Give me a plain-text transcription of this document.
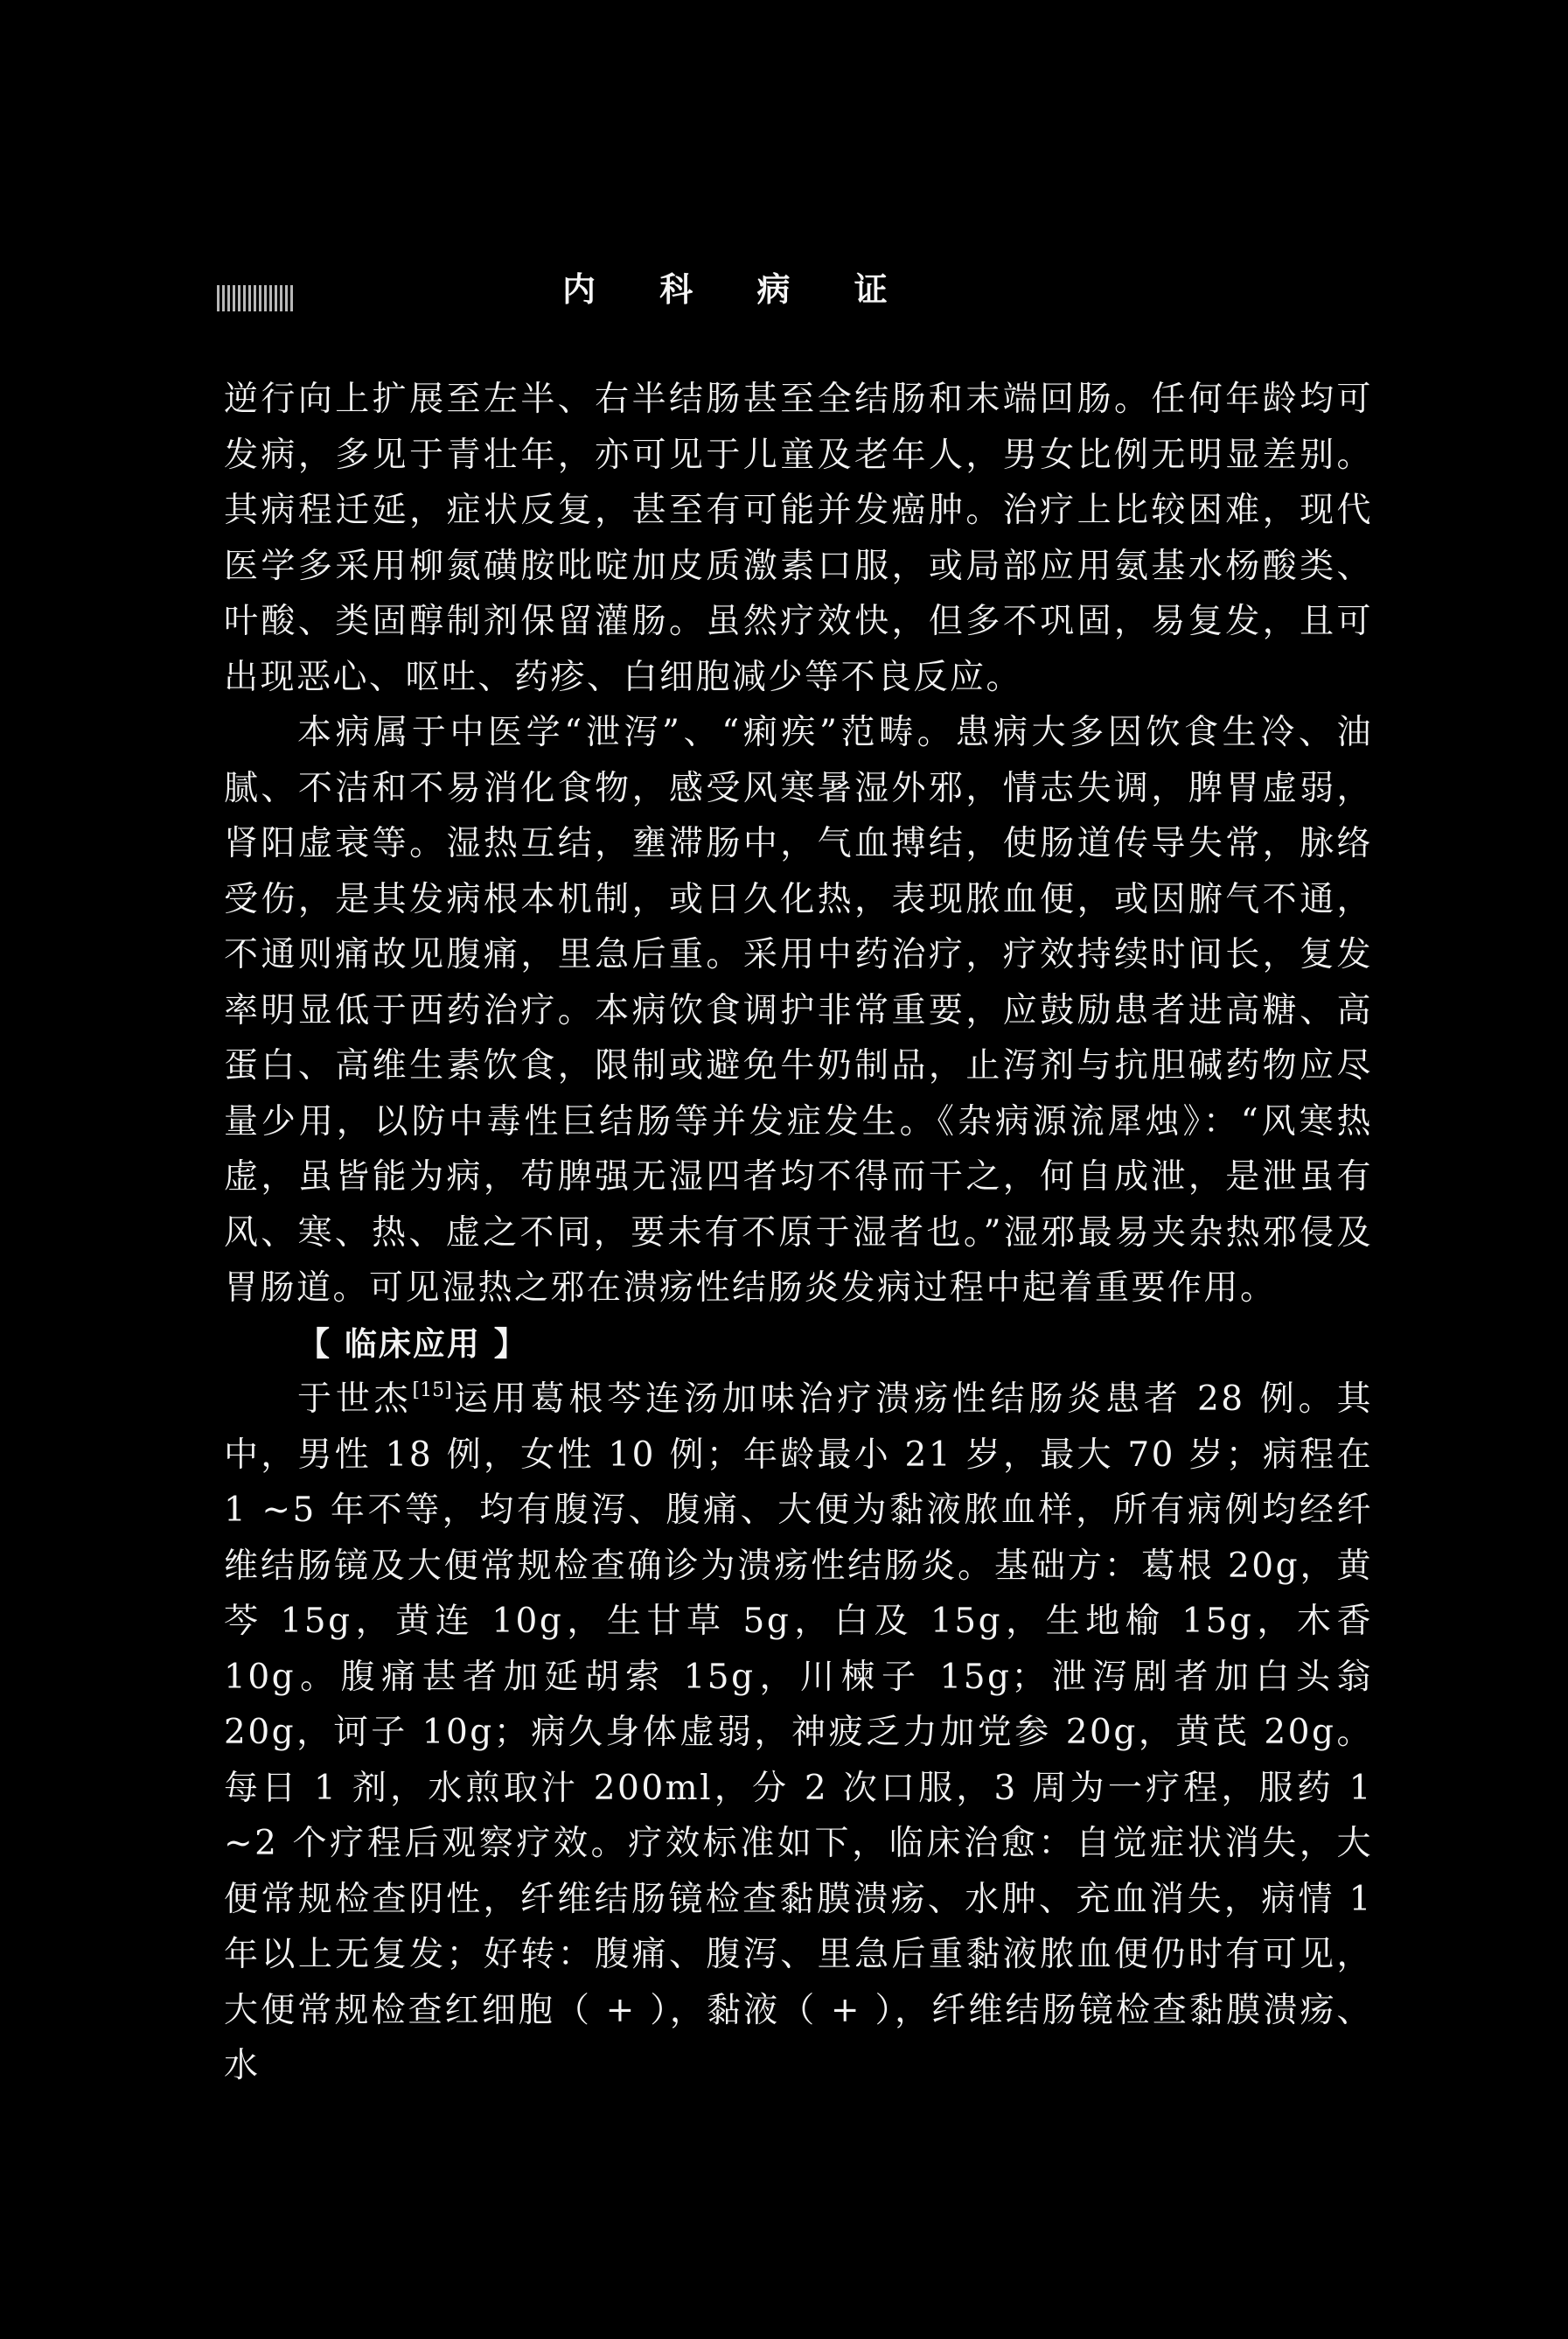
内 科 病 证

逆行向上扩展至左半、右半结肠甚至全结肠和末端回肠。任何年龄均可发病，多见于青壮年，亦可见于儿童及老年人，男女比例无明显差别。其病程迁延，症状反复，甚至有可能并发癌肿。治疗上比较困难，现代医学多采用柳氮磺胺吡啶加皮质激素口服，或局部应用氨基水杨酸类、叶酸、类固醇制剂保留灌肠。虽然疗效快，但多不巩固，易复发，且可出现恶心、呕吐、药疹、白细胞减少等不良反应。

本病属于中医学“泄泻”、“痢疾”范畴。患病大多因饮食生冷、油腻、不洁和不易消化食物，感受风寒暑湿外邪，情志失调，脾胃虚弱，肾阳虚衰等。湿热互结，壅滞肠中，气血搏结，使肠道传导失常，脉络受伤，是其发病根本机制，或日久化热，表现脓血便，或因腑气不通，不通则痛故见腹痛，里急后重。采用中药治疗，疗效持续时间长，复发率明显低于西药治疗。本病饮食调护非常重要，应鼓励患者进高糖、高蛋白、高维生素饮食，限制或避免牛奶制品，止泻剂与抗胆碱药物应尽量少用，以防中毒性巨结肠等并发症发生。《杂病源流犀烛》：“风寒热虚，虽皆能为病，苟脾强无湿四者均不得而干之，何自成泄，是泄虽有风、寒、热、虚之不同，要未有不原于湿者也。”湿邪最易夹杂热邪侵及胃肠道。可见湿热之邪在溃疡性结肠炎发病过程中起着重要作用。

【 临床应用 】

于世杰[15]运用葛根芩连汤加味治疗溃疡性结肠炎患者 28 例。其中，男性 18 例，女性 10 例；年龄最小 21 岁，最大 70 岁；病程在 1 ~5 年不等，均有腹泻、腹痛、大便为黏液脓血样，所有病例均经纤维结肠镜及大便常规检查确诊为溃疡性结肠炎。基础方：葛根 20g，黄芩 15g，黄连 10g，生甘草 5g，白及 15g，生地榆 15g，木香 10g。腹痛甚者加延胡索 15g，川楝子 15g；泄泻剧者加白头翁 20g，诃子 10g；病久身体虚弱，神疲乏力加党参 20g，黄芪 20g。每日 1 剂，水煎取汁 200ml，分 2 次口服，3 周为一疗程，服药 1 ~2 个疗程后观察疗效。疗效标准如下，临床治愈：自觉症状消失，大便常规检查阴性，纤维结肠镜检查黏膜溃疡、水肿、充血消失，病情 1 年以上无复发；好转：腹痛、腹泻、里急后重黏液脓血便仍时有可见，大便常规检查红细胞（ + ），黏液（ + ），纤维结肠镜检查黏膜溃疡、水
